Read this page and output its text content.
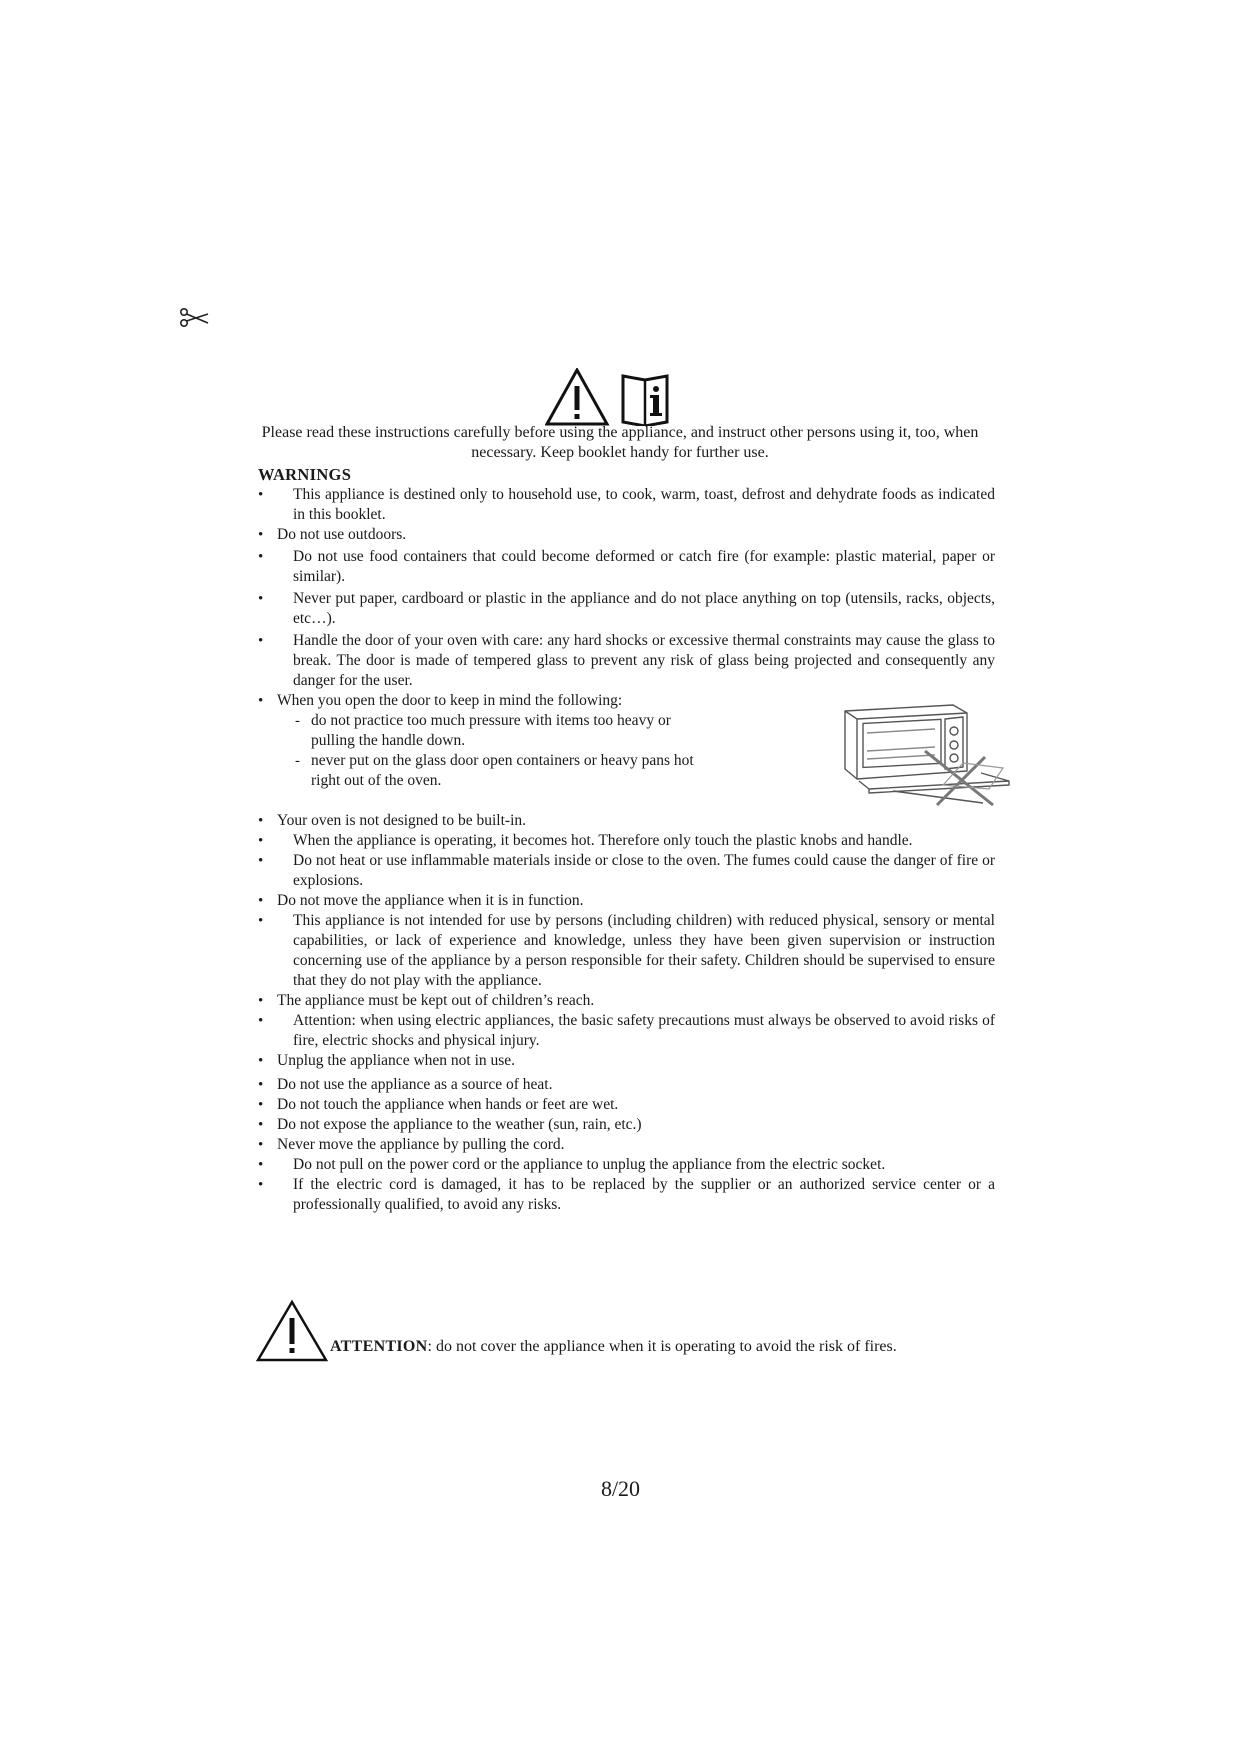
Please read these instructions carefully before using the appliance, and instruct other persons using it, too, when necessary. Keep booklet handy for further use.
WARNINGS
•	This appliance is destined only to household use, to cook, warm, toast, defrost and dehydrate foods as indicated in this booklet.
• Do not use outdoors.
•	Do not use food containers that could become deformed or catch fire (for example: plastic material, paper or similar).
•	Never put paper, cardboard or plastic in the appliance and do not place anything on top (utensils, racks, objects, etc…).
•	Handle the door of your oven with care: any hard shocks or excessive thermal constraints may cause the glass to break. The door is made of tempered glass to prevent any risk of glass being projected and consequently any danger for the user.
• When you open the door to keep in mind the following:
- do not practice too much pressure with items too heavy or pulling the handle down.
- never put on the glass door open containers or heavy pans hot right out of the oven.
• Your oven is not designed to be built-in.
•	When the appliance is operating, it becomes hot. Therefore only touch the plastic knobs and handle.
•	Do not heat or use inflammable materials inside or close to the oven. The fumes could cause the danger of fire or explosions.
• Do not move the appliance when it is in function.
•	This appliance is not intended for use by persons (including children) with reduced physical, sensory or mental capabilities, or lack of experience and knowledge, unless they have been given supervision or instruction concerning use of the appliance by a person responsible for their safety. Children should be supervised to ensure that they do not play with the appliance.
• The appliance must be kept out of children’s reach.
•	Attention: when using electric appliances, the basic safety precautions must always be observed to avoid risks of fire, electric shocks and physical injury.
• Unplug the appliance when not in use.
• Do not use the appliance as a source of heat.
• Do not touch the appliance when hands or feet are wet.
• Do not expose the appliance to the weather (sun, rain, etc.)
• Never move the appliance by pulling the cord.
•	Do not pull on the power cord or the appliance to unplug the appliance from the electric socket.
•	If the electric cord is damaged, it has to be replaced by the supplier or an authorized service center or a professionally qualified, to avoid any risks.
ATTENTION: do not cover the appliance when it is operating to avoid the risk of fires.
8/20
